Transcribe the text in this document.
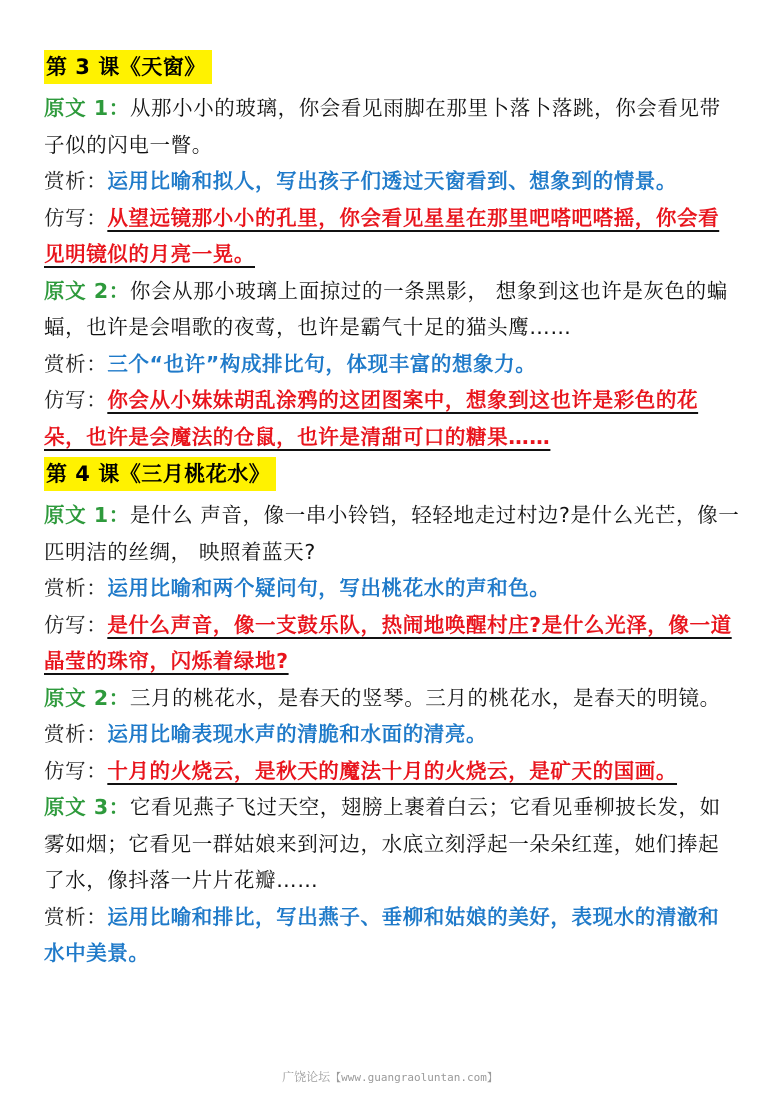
第 3 课《天窗》

原文 1：从那小小的玻璃，你会看见雨脚在那里卜落卜落跳，你会看见带子似的闪电一瞥。

赏析：运用比喻和拟人，写出孩子们透过天窗看到、想象到的情景。

仿写：从望远镜那小小的孔里，你会看见星星在那里吧嗒吧嗒摇，你会看见明镜似的月亮一晃。

原文 2：你会从那小玻璃上面掠过的一条黑影， 想象到这也许是灰色的蝙蝠，也许是会唱歌的夜莺，也许是霸气十足的猫头鹰……

赏析：三个“也许”构成排比句，体现丰富的想象力。

仿写：你会从小妹妹胡乱涂鸦的这团图案中，想象到这也许是彩色的花朵，也许是会魔法的仓鼠，也许是清甜可口的糖果……

第 4 课《三月桃花水》

原文 1：是什么 声音，像一串小铃铛，轻轻地走过村边?是什么光芒，像一匹明洁的丝绸， 映照着蓝天?

赏析：运用比喻和两个疑问句，写出桃花水的声和色。

仿写：是什么声音，像一支鼓乐队，热闹地唤醒村庄?是什么光泽，像一道晶莹的珠帘，闪烁着绿地?

原文 2：三月的桃花水，是春天的竖琴。三月的桃花水，是春天的明镜。

赏析：运用比喻表现水声的清脆和水面的清亮。

仿写：十月的火烧云，是秋天的魔法十月的火烧云，是矿天的国画。

原文 3：它看见燕子飞过天空，翅膀上裹着白云；它看见垂柳披长发，如雾如烟；它看见一群姑娘来到河边，水底立刻浮起一朵朵红莲，她们捧起了水，像抖落一片片花瓣……

赏析：运用比喻和排比，写出燕子、垂柳和姑娘的美好，表现水的清澈和水中美景。

广饶论坛【www.guangraoluntan.com】
